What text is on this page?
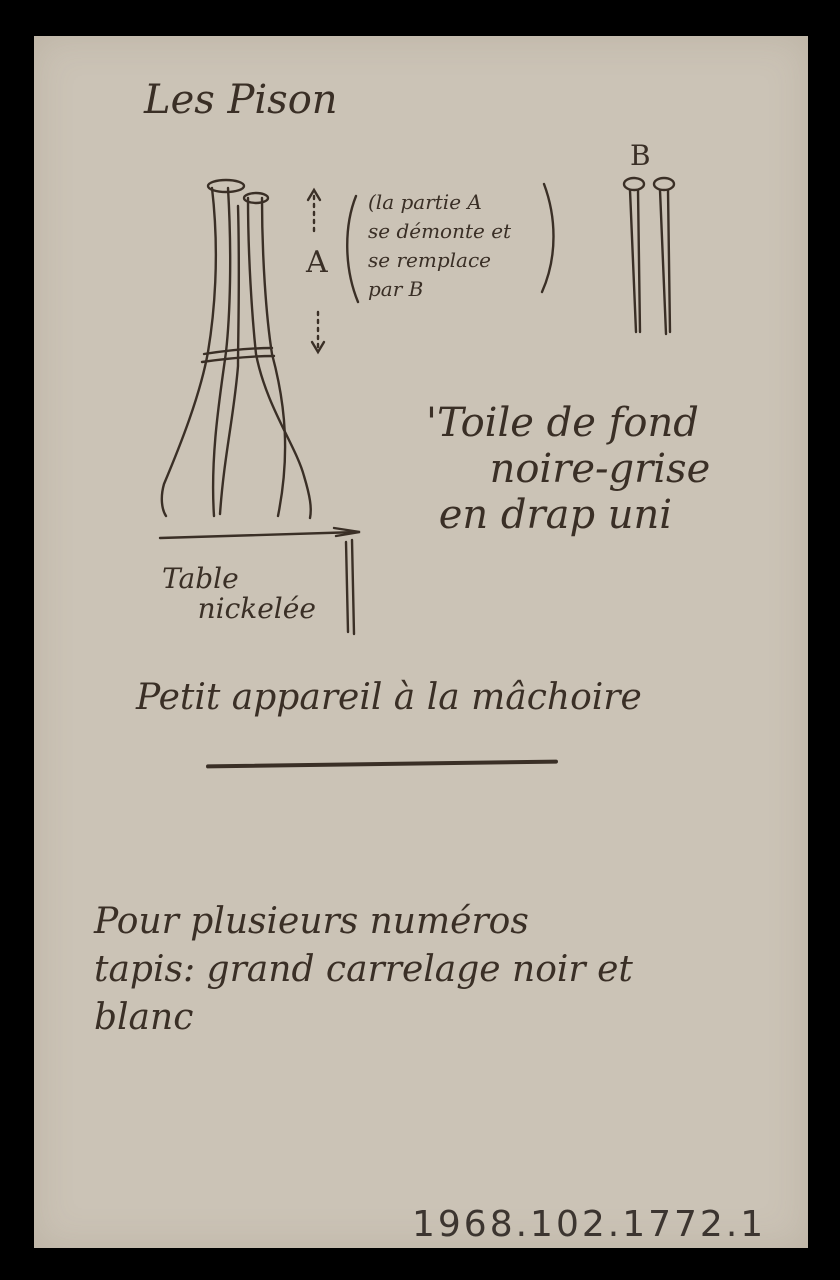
Les Pison
A
B
(la partie A
se démonte et
se remplace
par B
'Toile de fond
noire-grise
en drap uni
Table
nickelée
Petit appareil à la mâchoire
Pour plusieurs numéros
tapis: grand carrelage noir et
blanc
1968.102.1772.1
